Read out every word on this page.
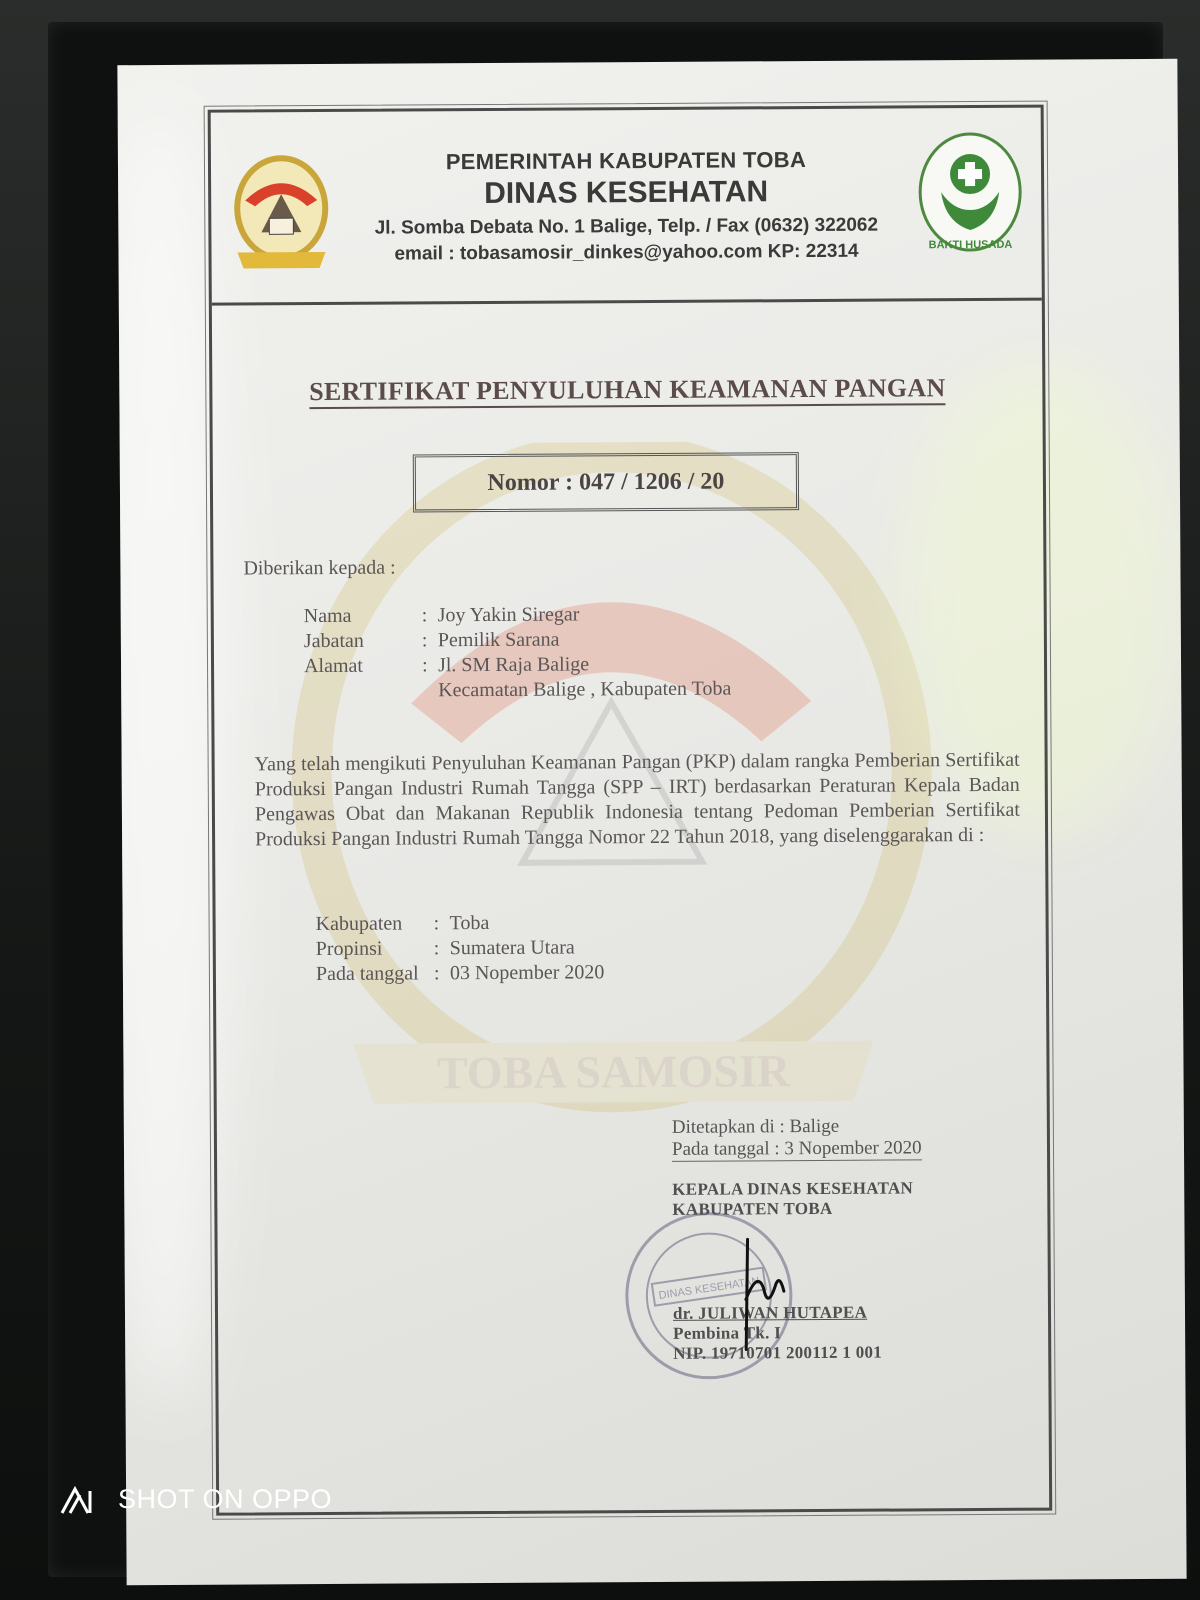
TOBA SAMOSIR
PEMERINTAH KABUPATEN TOBA
DINAS KESEHATAN
Jl. Somba Debata No. 1 Balige, Telp. / Fax (0632) 322062
email : tobasamosir_dinkes@yahoo.com KP: 22314	BAKTI HUSADA
SERTIFIKAT PENYULUHAN KEAMANAN PANGAN
Nomor : 047 / 1206 / 20
Diberikan kepada :
Nama	: Joy Yakin Siregar
Jabatan	: Pemilik Sarana
Alamat	: Jl. SM Raja Balige
Kecamatan Balige , Kabupaten Toba
Yang telah mengikuti Penyuluhan Keamanan Pangan (PKP) dalam rangka Pemberian Sertifikat Produksi Pangan Industri Rumah Tangga (SPP – IRT) berdasarkan Peraturan Kepala Badan Pengawas Obat dan Makanan Republik Indonesia tentang Pedoman Pemberian Sertifikat Produksi Pangan Industri Rumah Tangga Nomor 22 Tahun 2018, yang diselenggarakan di :
Kabupaten	: Toba
Propinsi	: Sumatera Utara
Pada tanggal : 03 Nopember 2020
DINAS KESEHATAN
Ditetapkan di : Balige
Pada tanggal : 3 Nopember 2020
KEPALA DINAS KESEHATAN
KABUPATEN TOBA
dr. JULIWAN HUTAPEA
Pembina Tk. I
NIP. 19710701 200112 1 001
SHOT ON OPPO
